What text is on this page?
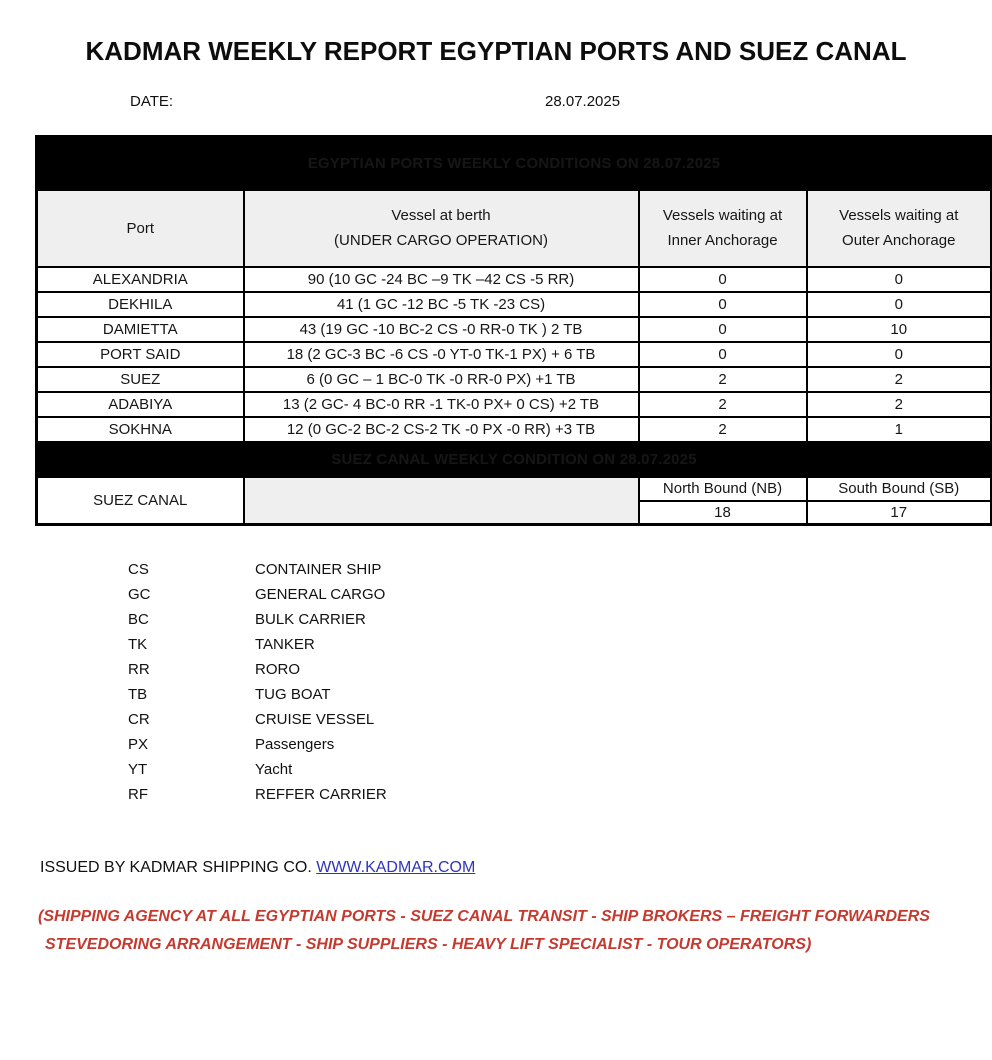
KADMAR WEEKLY REPORT EGYPTIAN PORTS AND SUEZ CANAL
DATE:	28.07.2025
EGYPTIAN PORTS WEEKLY CONDITIONS ON 28.07.2025			

Port

Vessel at berth
(UNDER CARGO OPERATION)

Vessels waiting at
Inner Anchorage

Vessels waiting at
Outer Anchorage

ALEXANDRIA	90 (10 GC -24 BC –9 TK –42 CS -5 RR)	0	0
DEKHILA	41 (1 GC -12 BC -5 TK -23 CS)	0	0
DAMIETTA	43 (19 GC -10 BC-2 CS -0 RR-0 TK ) 2 TB	0	10
PORT SAID	18 (2 GC-3 BC -6 CS -0 YT-0 TK-1 PX) + 6 TB	0	0
SUEZ	6 (0 GC – 1 BC-0 TK -0 RR-0 PX) +1 TB	2	2
ADABIYA	13 (2 GC- 4 BC-0 RR -1 TK-0 PX+ 0 CS) +2 TB	2	2
SOKHNA	12 (0 GC-2 BC-2 CS-2 TK -0 PX -0 RR) +3 TB	2	1
SUEZ CANAL WEEKLY CONDITION ON 28.07.2025			
SUEZ CANAL		North Bound (NB)	South Bound (SB)
		18	17
CS	CONTAINER SHIP
GC	GENERAL CARGO
BC	BULK CARRIER
TK	TANKER
RR	RORO
TB	TUG BOAT
CR	CRUISE VESSEL
PX	Passengers
YT	Yacht
RF	REFFER CARRIER
ISSUED BY KADMAR SHIPPING CO. WWW.KADMAR.COM
(SHIPPING AGENCY AT ALL EGYPTIAN PORTS - SUEZ CANAL TRANSIT - SHIP BROKERS – FREIGHT FORWARDERS
STEVEDORING ARRANGEMENT - SHIP SUPPLIERS - HEAVY LIFT SPECIALIST - TOUR OPERATORS)
